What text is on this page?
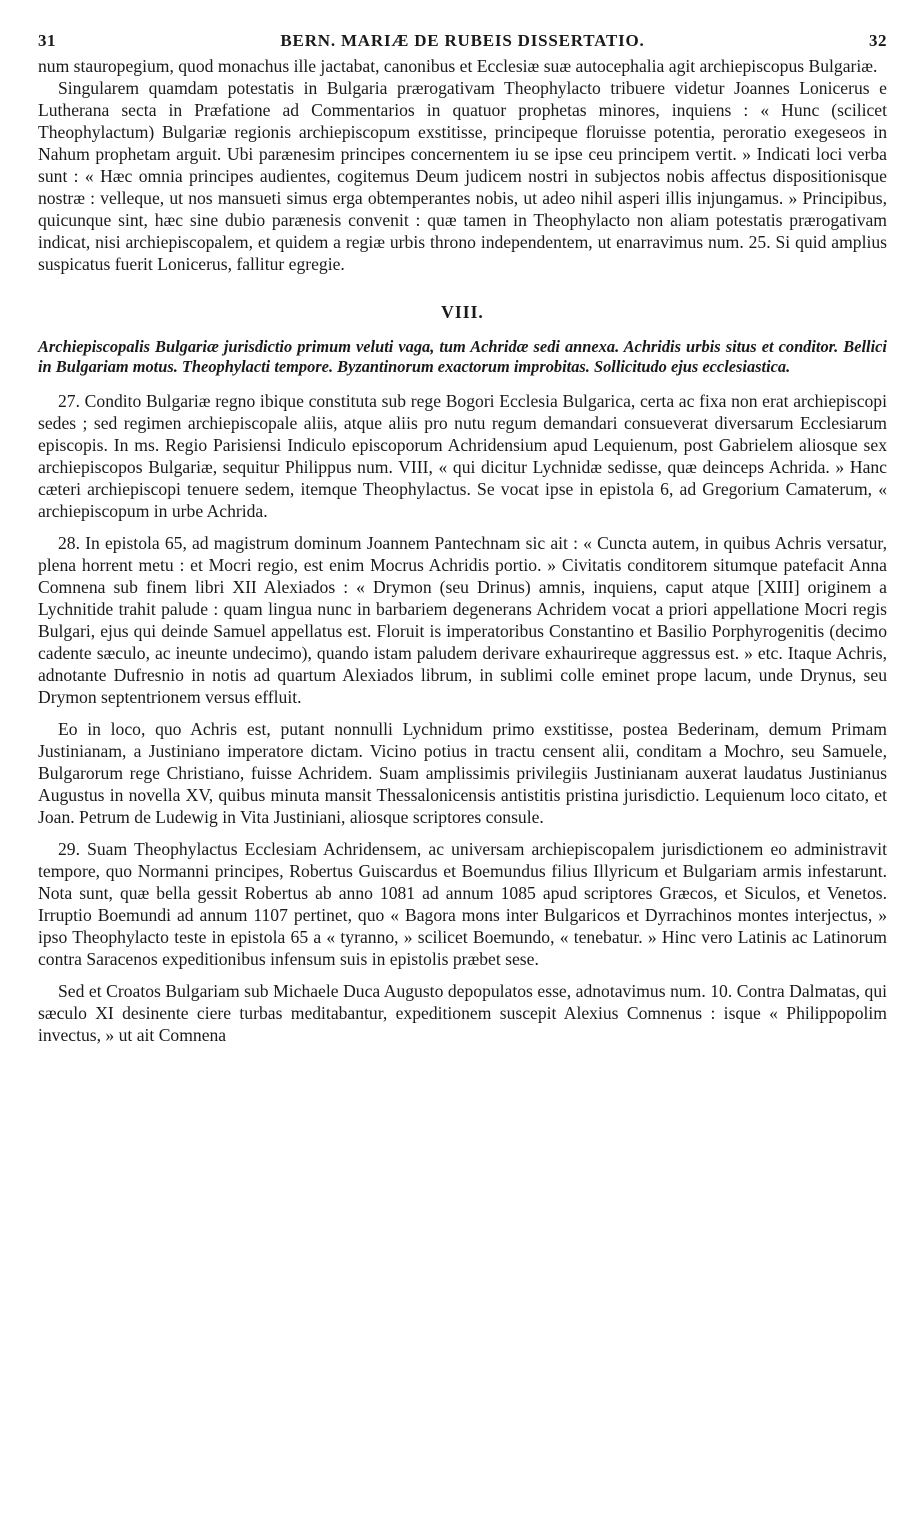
31	BERN. MARIÆ DE RUBEIS DISSERTATIO.	32

num stauropegium, quod monachus ille jactabat, canonibus et Ecclesiæ suæ autocephalia agit archiepiscopus Bulgariæ.

Singularem quamdam potestatis in Bulgaria prærogativam Theophylacto tribuere videtur Joannes Lonicerus e Lutherana secta in Præfatione ad Commentarios in quatuor prophetas minores, inquiens : « Hunc (scilicet Theophylactum) Bulgariæ regionis archiepiscopum exstitisse, principeque floruisse potentia, peroratio exegeseos in Nahum prophetam arguit. Ubi parænesim principes concernentem iu se ipse ceu principem vertit. » Indicati loci verba sunt : « Hæc omnia principes audientes, cogitemus Deum judicem nostri in subjectos nobis affectus dispositionisque nostræ : velleque, ut nos mansueti simus erga obtemperantes nobis, ut adeo nihil asperi illis injungamus. » Principibus, quicunque sint, hæc sine dubio parænesis convenit : quæ tamen in Theophylacto non aliam potestatis prærogativam indicat, nisi archiepiscopalem, et quidem a regiæ urbis throno independentem, ut enarravimus num. 25. Si quid amplius suspicatus fuerit Lonicerus, fallitur egregie.

VIII.

Archiepiscopalis Bulgariæ jurisdictio primum veluti vaga, tum Achridæ sedi annexa. Achridis urbis situs et conditor. Bellici in Bulgariam motus. Theophylacti tempore. Byzantinorum exactorum improbitas. Sollicitudo ejus ecclesiastica.

27. Condito Bulgariæ regno ibique constituta sub rege Bogori Ecclesia Bulgarica, certa ac fixa non erat archiepiscopi sedes ; sed regimen archiepiscopale aliis, atque aliis pro nutu regum demandari consueverat diversarum Ecclesiarum episcopis. In ms. Regio Parisiensi Indiculo episcoporum Achridensium apud Lequienum, post Gabrielem aliosque sex archiepiscopos Bulgariæ, sequitur Philippus num. VIII, « qui dicitur Lychnidæ sedisse, quæ deinceps Achrida. » Hanc cæteri archiepiscopi tenuere sedem, itemque Theophylactus. Se vocat ipse in epistola 6, ad Gregorium Camaterum, « archiepiscopum in urbe Achrida.

28. In epistola 65, ad magistrum dominum Joannem Pantechnam sic ait : « Cuncta autem, in quibus Achris versatur, plena horrent metu : et Mocri regio, est enim Mocrus Achridis portio. » Civitatis conditorem situmque patefacit Anna Comnena sub finem libri XII Alexiados : « Drymon (seu Drinus) amnis, inquiens, caput atque [XIII] originem a Lychnitide trahit palude : quam lingua nunc in barbariem degenerans Achridem vocat a priori appellatione Mocri regis Bulgari, ejus qui deinde Samuel appellatus est. Floruit is imperatoribus Constantino et Basilio Porphyrogenitis (decimo cadente sæculo, ac ineunte undecimo), quando istam paludem derivare exhaurireque aggressus est. » etc. Itaque Achris, adnotante Dufresnio in notis ad quartum Alexiados librum, in sublimi colle eminet prope lacum, unde Drynus, seu Drymon septentrionem versus effluit.

Eo in loco, quo Achris est, putant nonnulli Lychnidum primo exstitisse, postea Bederinam, demum Primam Justinianam, a Justiniano imperatore dictam. Vicino potius in tractu censent alii, conditam a Mochro, seu Samuele, Bulgarorum rege Christiano, fuisse Achridem. Suam amplissimis privilegiis Justinianam auxerat laudatus Justinianus Augustus in novella XV, quibus minuta mansit Thessalonicensis antistitis pristina jurisdictio. Lequienum loco citato, et Joan. Petrum de Ludewig in Vita Justiniani, aliosque scriptores consule.

29. Suam Theophylactus Ecclesiam Achridensem, ac universam archiepiscopalem jurisdictionem eo administravit tempore, quo Normanni principes, Robertus Guiscardus et Boemundus filius Illyricum et Bulgariam armis infestarunt. Nota sunt, quæ bella gessit Robertus ab anno 1081 ad annum 1085 apud scriptores Græcos, et Siculos, et Venetos. Irruptio Boemundi ad annum 1107 pertinet, quo « Bagora mons inter Bulgaricos et Dyrrachinos montes interjectus, » ipso Theophylacto teste in epistola 65 a « tyranno, » scilicet Boemundo, « tenebatur. » Hinc vero Latinis ac Latinorum contra Saracenos expeditionibus infensum suis in epistolis præbet sese.

Sed et Croatos Bulgariam sub Michaele Duca Augusto depopulatos esse, adnotavimus num. 10. Contra Dalmatas, qui sæculo XI desinente ciere turbas meditabantur, expeditionem suscepit Alexius Comnenus : isque « Philippopolim invectus, » ut ait Comnena
